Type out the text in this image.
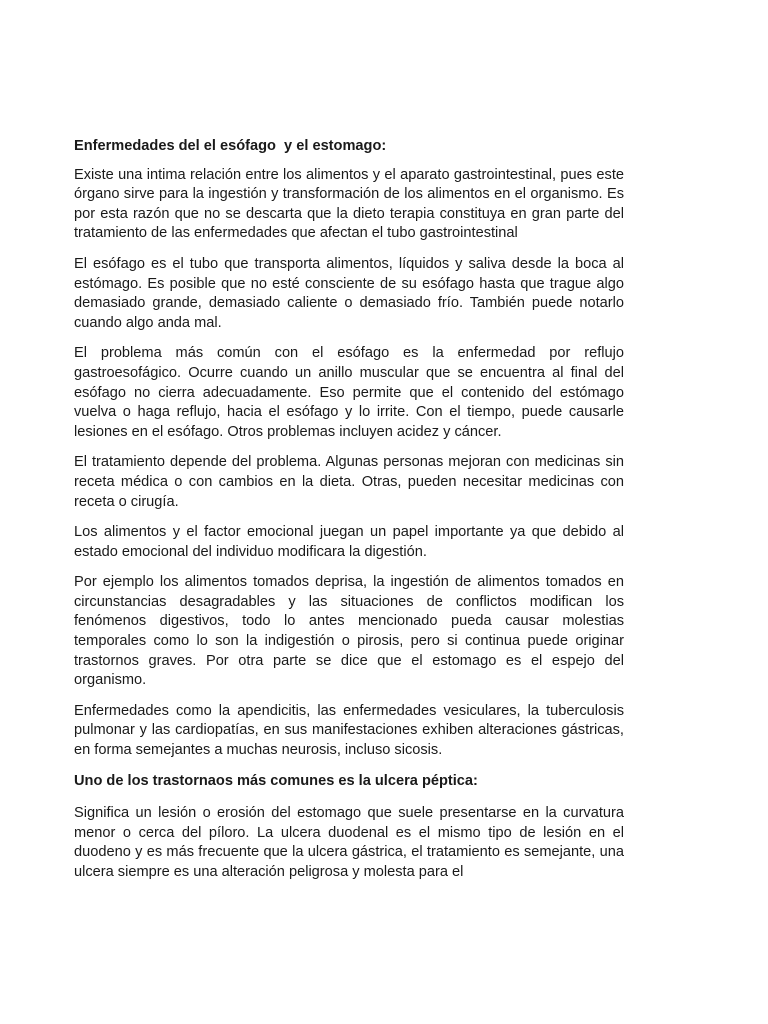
Enfermedades del el esófago  y el estomago:

Existe una intima relación entre los alimentos y el aparato gastrointestinal, pues este órgano sirve para la ingestión y transformación de los alimentos en el organismo. Es por esta razón que no se descarta que la dieto terapia constituya en gran parte del tratamiento de las enfermedades que afectan el tubo gastrointestinal

El esófago es el tubo que transporta alimentos, líquidos y saliva desde la boca al estómago. Es posible que no esté consciente de su esófago hasta que trague algo demasiado grande, demasiado caliente o demasiado frío. También puede notarlo cuando algo anda mal.

El problema más común con el esófago es la enfermedad por reflujo gastroesofágico. Ocurre cuando un anillo muscular que se encuentra al final del esófago no cierra adecuadamente. Eso permite que el contenido del estómago vuelva o haga reflujo, hacia el esófago y lo irrite. Con el tiempo, puede causarle lesiones en el esófago. Otros problemas incluyen acidez y cáncer.

El tratamiento depende del problema. Algunas personas mejoran con medicinas sin receta médica o con cambios en la dieta. Otras, pueden necesitar medicinas con receta o cirugía.

Los alimentos y el factor emocional juegan un papel importante ya que debido al estado emocional del individuo modificara la digestión.

Por ejemplo los alimentos tomados deprisa, la ingestión de alimentos tomados en circunstancias desagradables y las situaciones de conflictos modifican los fenómenos digestivos, todo lo antes mencionado pueda causar molestias temporales como lo son la indigestión o pirosis, pero si continua puede originar trastornos graves. Por otra parte se dice que el estomago es el espejo del organismo.

Enfermedades como la apendicitis, las enfermedades vesiculares, la tuberculosis pulmonar y las cardiopatías, en sus manifestaciones exhiben alteraciones gástricas, en forma semejantes a muchas neurosis, incluso sicosis.

Uno de los trastornaos más comunes es la ulcera péptica:

Significa un lesión o erosión del estomago que suele presentarse en la curvatura menor o cerca del píloro. La ulcera duodenal es el mismo tipo de lesión en el duodeno y es más frecuente que la ulcera gástrica, el tratamiento es semejante, una ulcera siempre es una alteración peligrosa y molesta para el
